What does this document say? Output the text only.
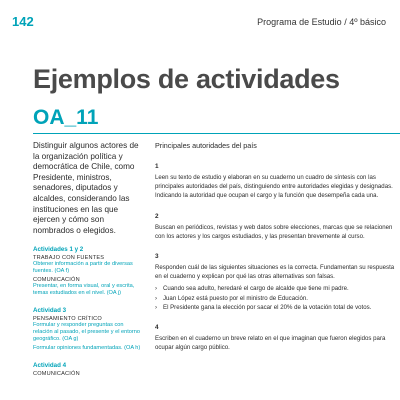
142	Programa de Estudio / 4º básico
Ejemplos de actividades
OA_11

Distinguir algunos actores de la organización política y democrática de Chile, como Presidente, ministros, senadores, diputados y alcaldes, considerando las instituciones en las que ejercen y cómo son nombrados o elegidos.

Actividades 1 y 2

TRABAJO CON FUENTES

Obtener información a partir de diversas fuentes. (OA f)

COMUNICACIÓN

Presentar, en forma visual, oral y escrita, temas estudiados en el nivel. (OA j)

Actividad 3

PENSAMIENTO CRÍTICO

Formular y responder preguntas con relación al pasado, el presente y el entorno geográfico. (OA g)

Formular opiniones fundamentadas. (OA h)

Actividad 4

COMUNICACIÓN

Principales autoridades del país

1

Leen su texto de estudio y elaboran en su cuaderno un cuadro de síntesis con las principales autoridades del país, distinguiendo entre autoridades elegidas y designadas. Indicando la autoridad que ocupan el cargo y la función que desempeña cada una.

2

Buscan en periódicos, revistas y web datos sobre elecciones, marcas que se relacionen con los actores y los cargos estudiados, y las presentan brevemente al curso.

3

Responden cuál de las siguientes situaciones es la correcta. Fundamentan su respuesta en el cuaderno y explican por qué las otras alternativas son falsas.

› Cuando sea adulto, heredaré el cargo de alcalde que tiene mi padre.
› Juan López está puesto por el ministro de Educación.
› El Presidente gana la elección por sacar el 20% de la votación total de votos.

4

Escriben en el cuaderno un breve relato en el que imaginan que fueron elegidos para ocupar algún cargo público.
